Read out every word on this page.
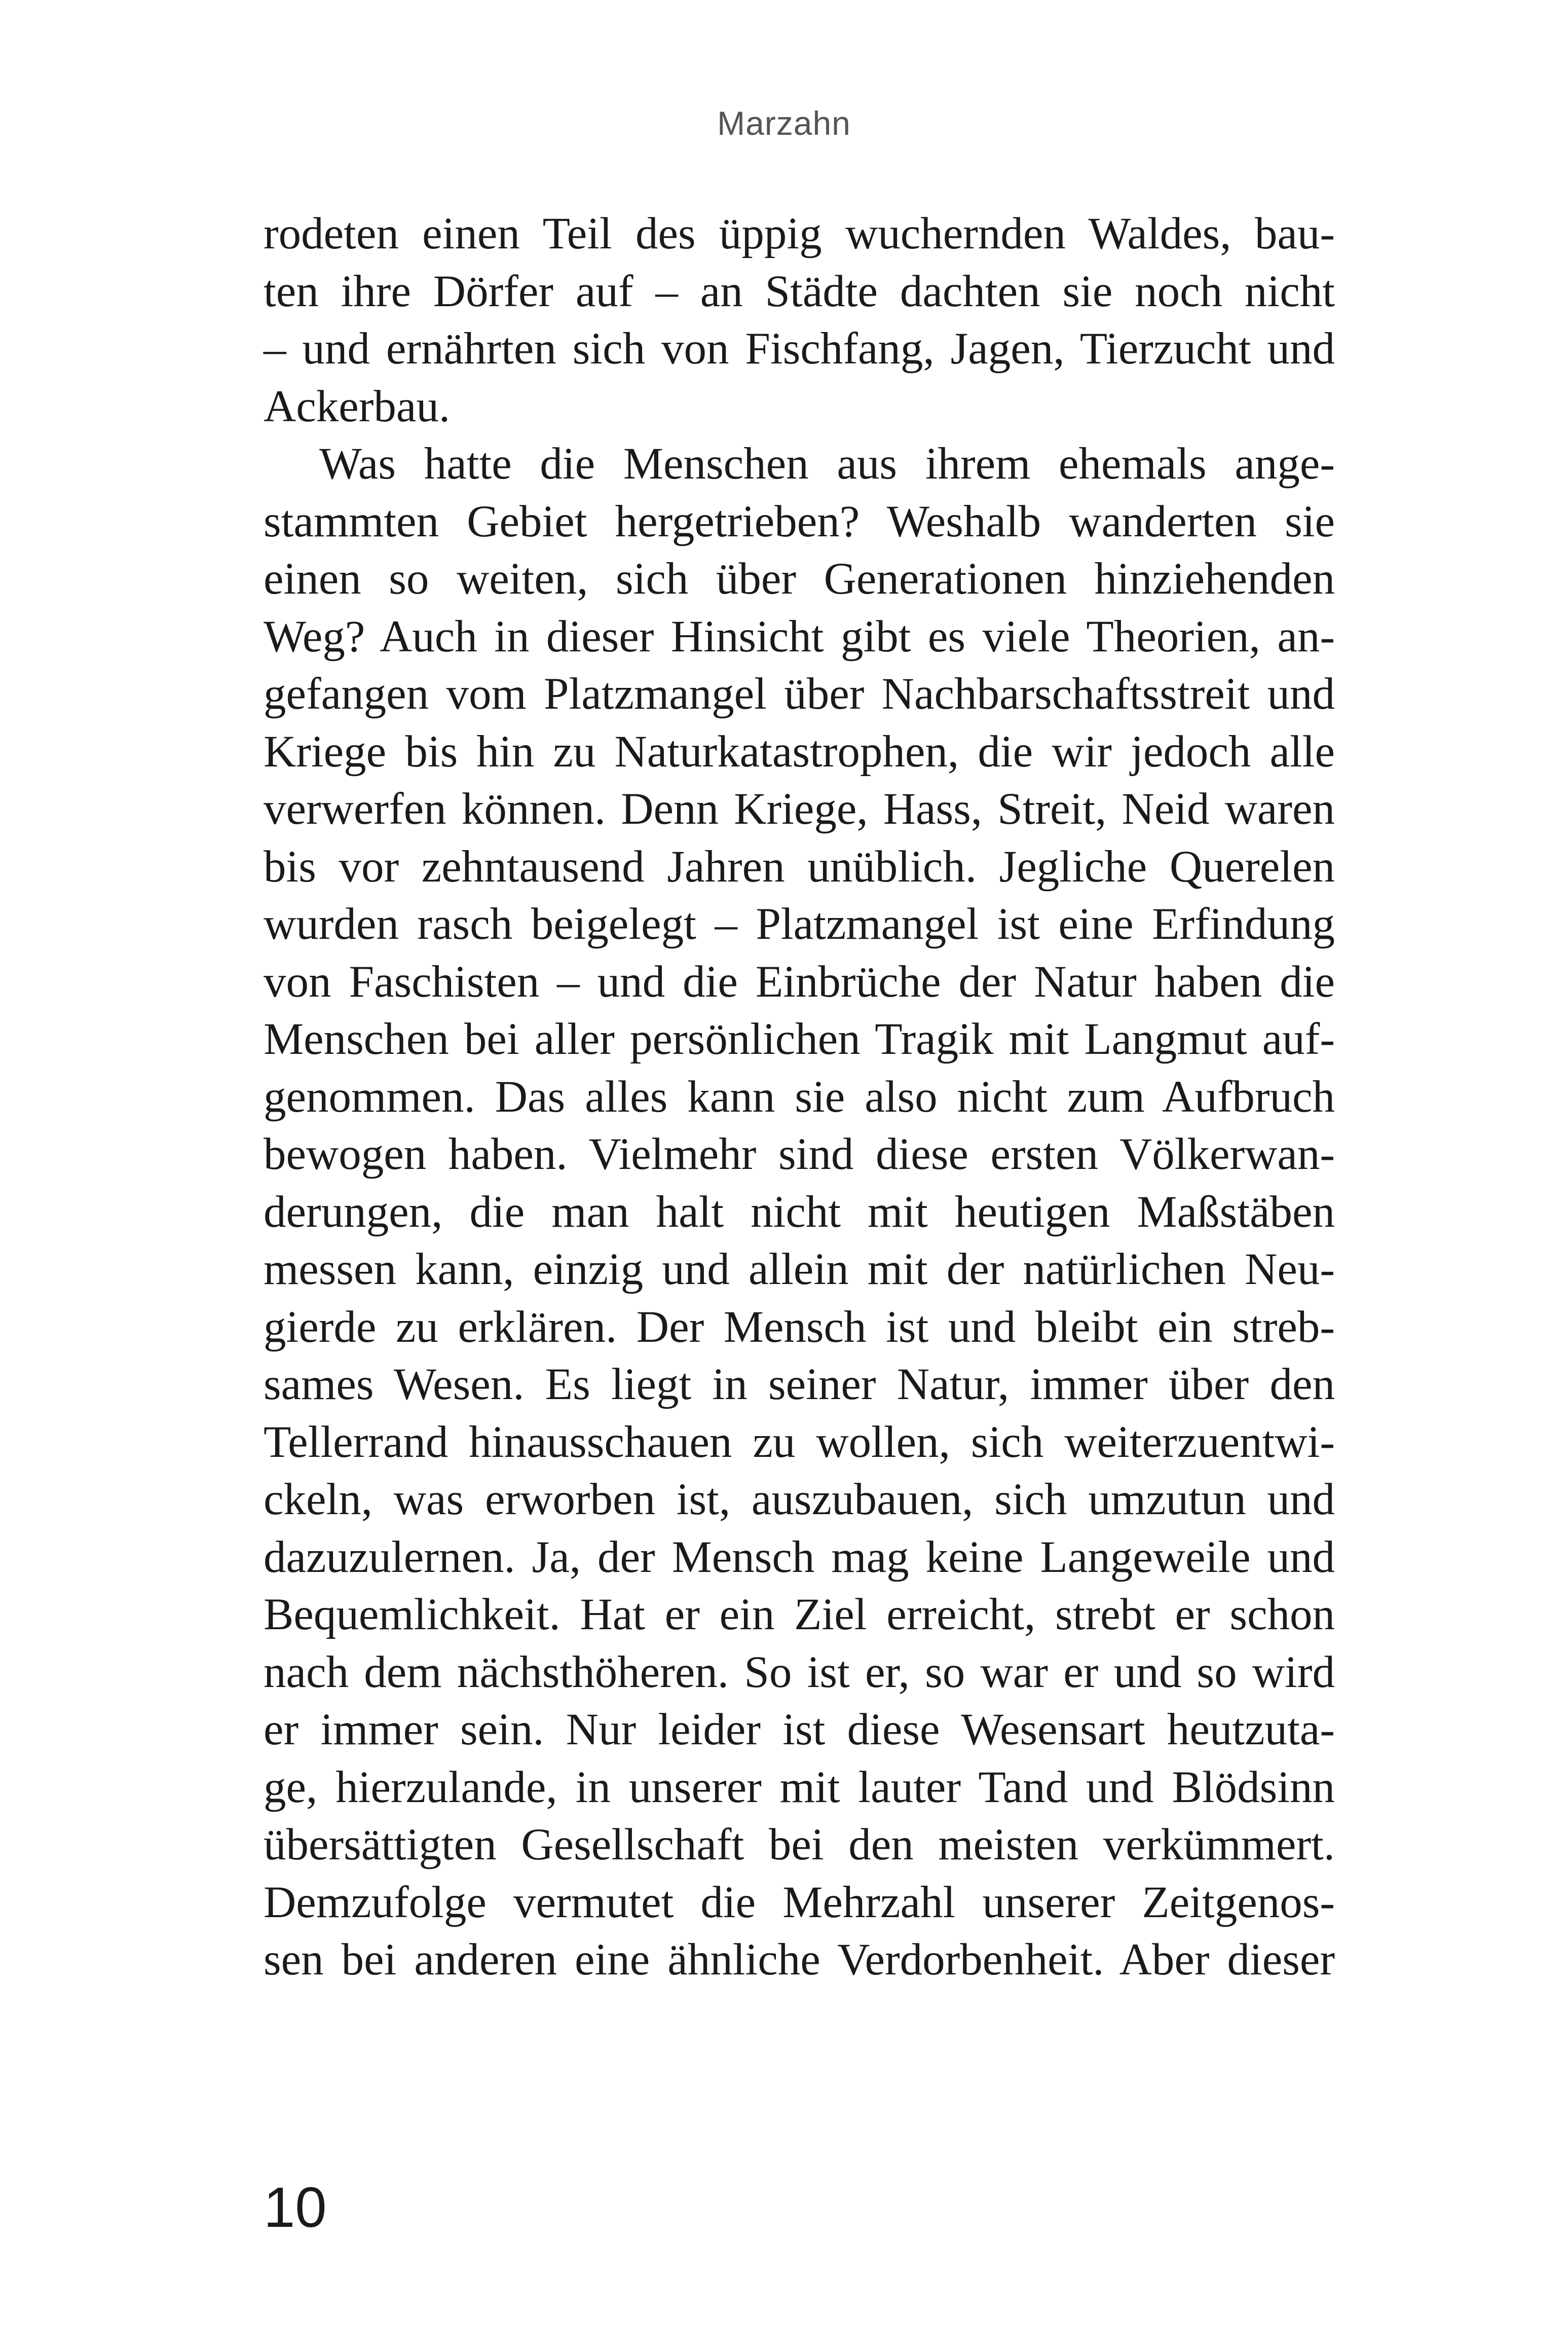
Marzahn
rodeten einen Teil des üppig wuchernden Waldes, bau-
ten ihre Dörfer auf – an Städte dachten sie noch nicht
– und ernährten sich von Fischfang, Jagen, Tierzucht und
Ackerbau.
Was hatte die Menschen aus ihrem ehemals ange-
stammten Gebiet hergetrieben? Weshalb wanderten sie
einen so weiten, sich über Generationen hinziehenden
Weg? Auch in dieser Hinsicht gibt es viele Theorien, an-
gefangen vom Platzmangel über Nachbarschaftsstreit und
Kriege bis hin zu Naturkatastrophen, die wir jedoch alle
verwerfen können. Denn Kriege, Hass, Streit, Neid waren
bis vor zehntausend Jahren unüblich. Jegliche Querelen
wurden rasch beigelegt – Platzmangel ist eine Erfindung
von Faschisten – und die Einbrüche der Natur haben die
Menschen bei aller persönlichen Tragik mit Langmut auf-
genommen. Das alles kann sie also nicht zum Aufbruch
bewogen haben. Vielmehr sind diese ersten Völkerwan-
derungen, die man halt nicht mit heutigen Maßstäben
messen kann, einzig und allein mit der natürlichen Neu-
gierde zu erklären. Der Mensch ist und bleibt ein streb-
sames Wesen. Es liegt in seiner Natur, immer über den
Tellerrand hinausschauen zu wollen, sich weiterzuentwi-
ckeln, was erworben ist, auszubauen, sich umzutun und
dazuzulernen. Ja, der Mensch mag keine Langeweile und
Bequemlichkeit. Hat er ein Ziel erreicht, strebt er schon
nach dem nächsthöheren. So ist er, so war er und so wird
er immer sein. Nur leider ist diese Wesensart heutzuta-
ge, hierzulande, in unserer mit lauter Tand und Blödsinn
übersättigten Gesellschaft bei den meisten verkümmert.
Demzufolge vermutet die Mehrzahl unserer Zeitgenos-
sen bei anderen eine ähnliche Verdorbenheit. Aber dieser
10
